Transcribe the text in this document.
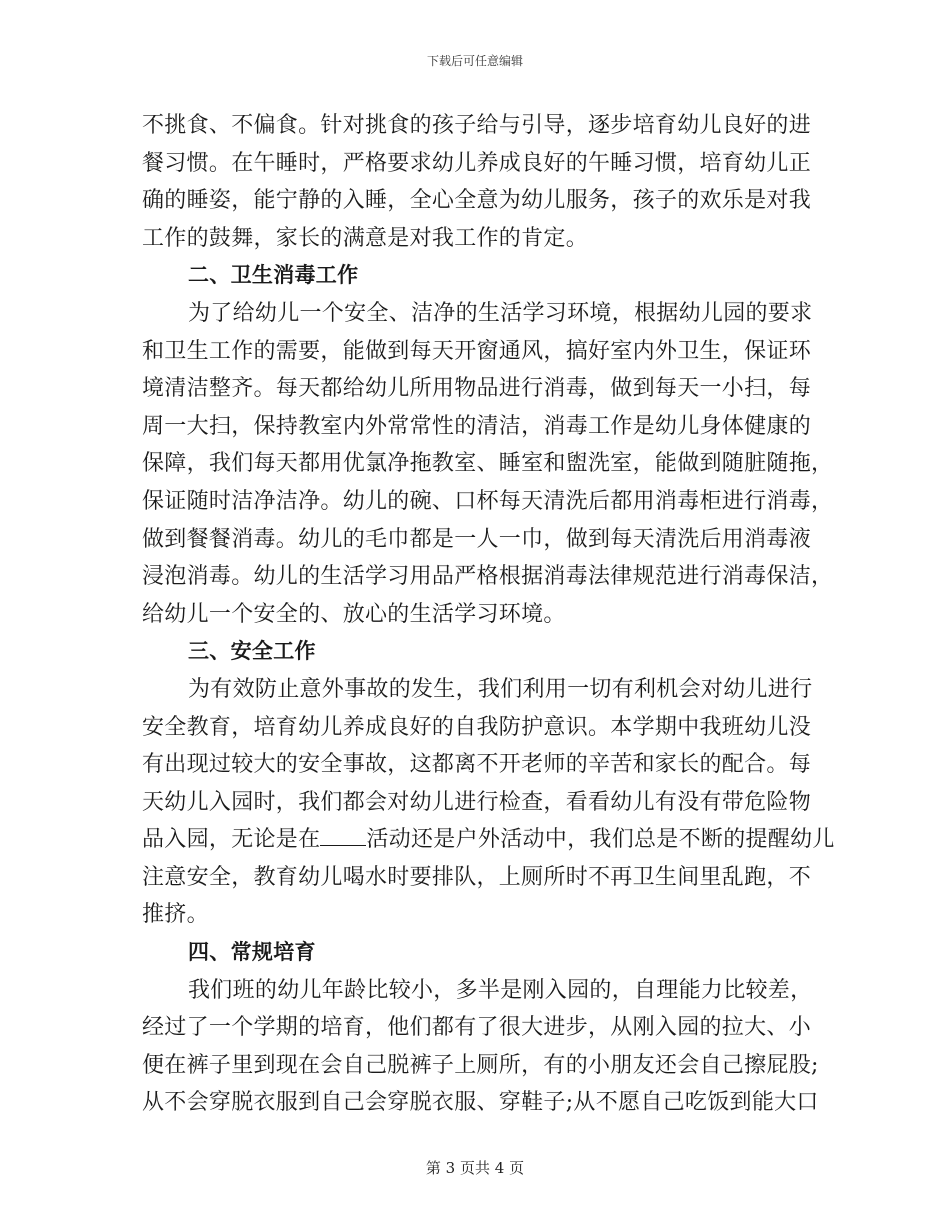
下载后可任意编辑
不挑食、不偏食。针对挑食的孩子给与引导，逐步培育幼儿良好的进
餐习惯。在午睡时，严格要求幼儿养成良好的午睡习惯，培育幼儿正
确的睡姿，能宁静的入睡，全心全意为幼儿服务，孩子的欢乐是对我
工作的鼓舞，家长的满意是对我工作的肯定。
二、卫生消毒工作
为了给幼儿一个安全、洁净的生活学习环境，根据幼儿园的要求
和卫生工作的需要，能做到每天开窗通风，搞好室内外卫生，保证环
境清洁整齐。每天都给幼儿所用物品进行消毒，做到每天一小扫，每
周一大扫，保持教室内外常常性的清洁，消毒工作是幼儿身体健康的
保障，我们每天都用优氯净拖教室、睡室和盥洗室，能做到随脏随拖，
保证随时洁净洁净。幼儿的碗、口杯每天清洗后都用消毒柜进行消毒，
做到餐餐消毒。幼儿的毛巾都是一人一巾，做到每天清洗后用消毒液
浸泡消毒。幼儿的生活学习用品严格根据消毒法律规范进行消毒保洁，
给幼儿一个安全的、放心的生活学习环境。
三、安全工作
为有效防止意外事故的发生，我们利用一切有利机会对幼儿进行
安全教育，培育幼儿养成良好的自我防护意识。本学期中我班幼儿没
有出现过较大的安全事故，这都离不开老师的辛苦和家长的配合。每
天幼儿入园时，我们都会对幼儿进行检查，看看幼儿有没有带危险物
品入园，无论是在 活动还是户外活动中，我们总是不断的提醒幼儿
注意安全，教育幼儿喝水时要排队，上厕所时不再卫生间里乱跑，不
推挤。
四、常规培育
我们班的幼儿年龄比较小，多半是刚入园的，自理能力比较差，
经过了一个学期的培育，他们都有了很大进步，从刚入园的拉大、小
便在裤子里到现在会自己脱裤子上厕所，有的小朋友还会自己擦屁股;
从不会穿脱衣服到自己会穿脱衣服、穿鞋子;从不愿自己吃饭到能大口
第 3 页共 4 页
